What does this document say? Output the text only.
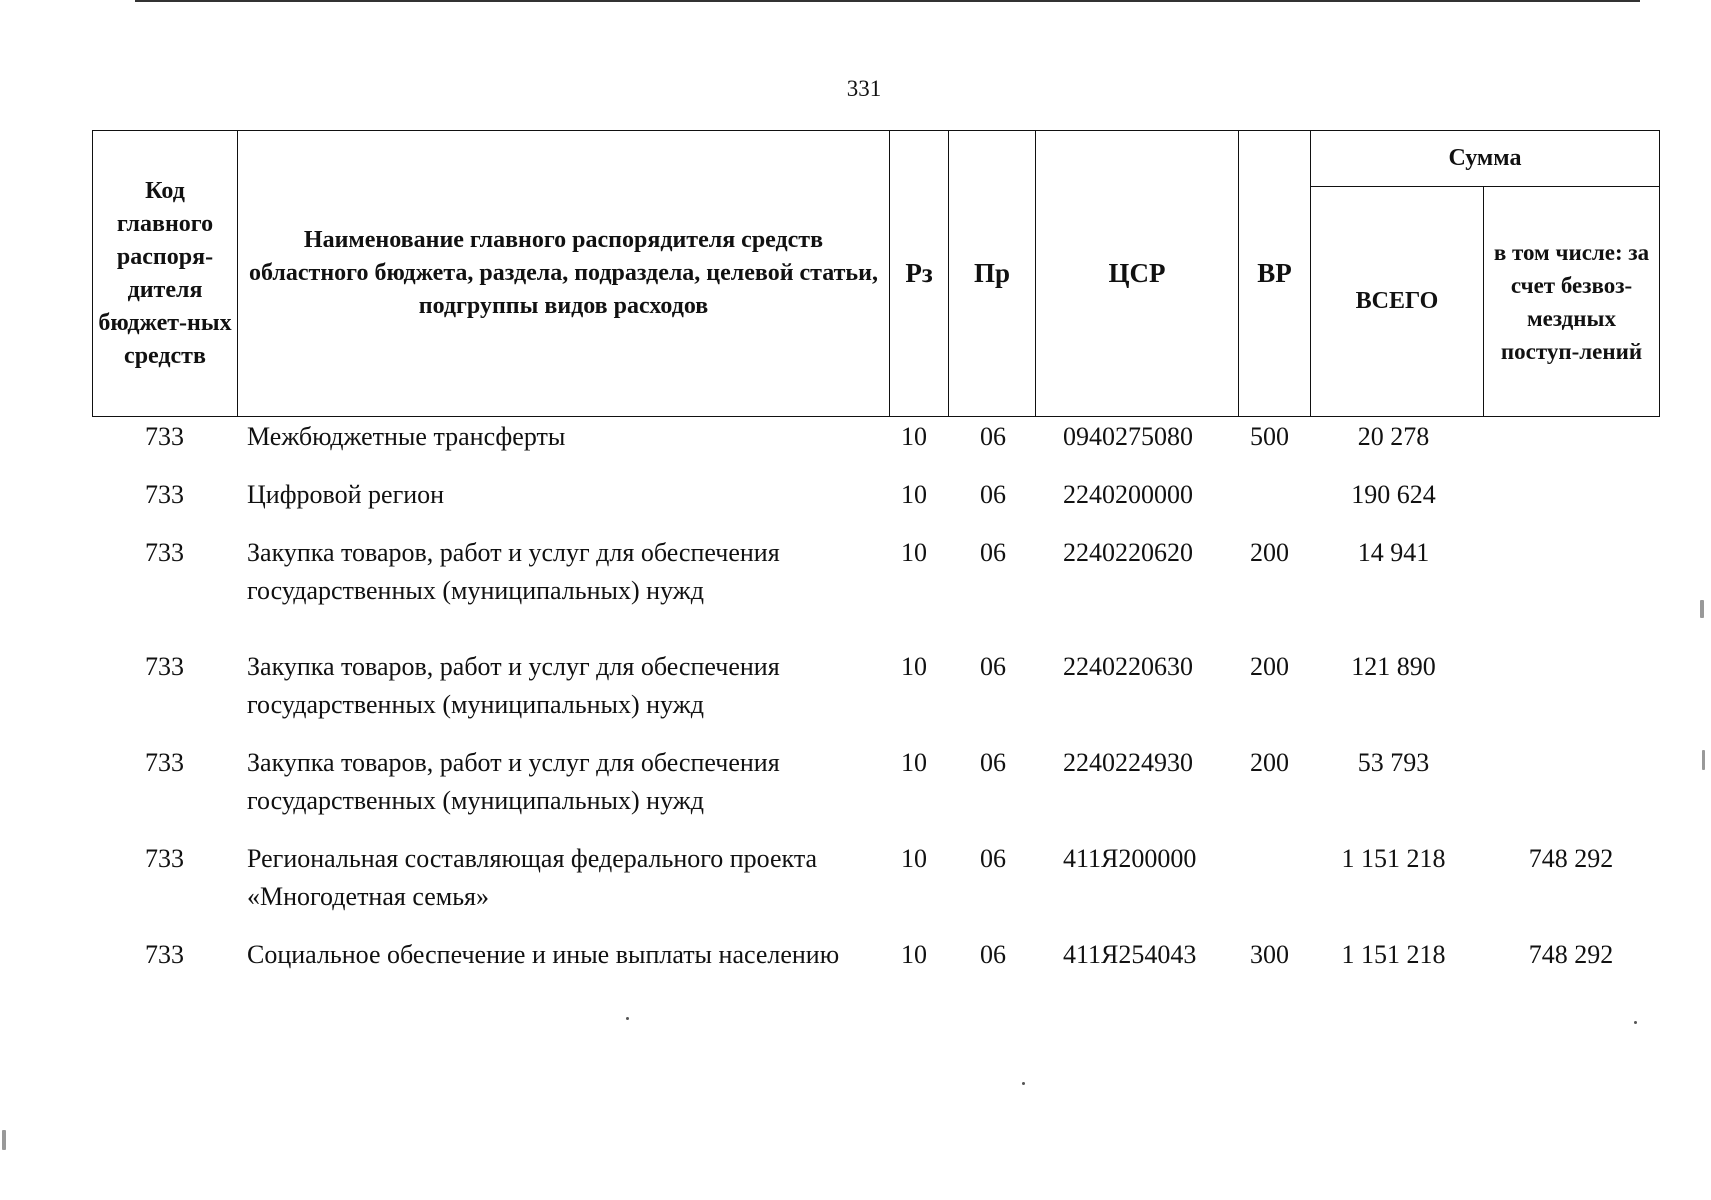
331
Код главного распоря-дителя бюджет-ных средств	Наименование главного распорядителя средств областного бюджета, раздела, подраздела, целевой статьи, подгруппы видов расходов	Рз	Пр	ЦСР	ВР	Сумма	
						ВСЕГО	в том числе: за счет безвоз-мездных поступ-лений
733	Межбюджетные трансферты	10	06	0940275080	500	20 278	
733	Цифровой регион	10	06	2240200000		190 624	
733	Закупка товаров, работ и услуг для обеспечения государственных (муниципальных) нужд	10	06	2240220620	200	14 941	
733	Закупка товаров, работ и услуг для обеспечения государственных (муниципальных) нужд	10	06	2240220630	200	121 890	
733	Закупка товаров, работ и услуг для обеспечения государственных (муниципальных) нужд	10	06	2240224930	200	53 793	
733	Региональная составляющая федерального проекта «Многодетная семья»	10	06	411Я200000		1 151 218	748 292
733	Социальное обеспечение и иные выплаты населению	10	06	411Я254043	300	1 151 218	748 292
